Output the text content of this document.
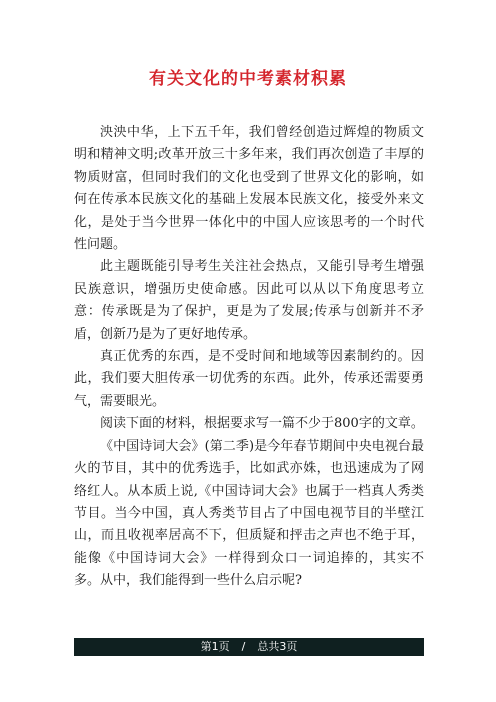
有关文化的中考素材积累

泱泱中华，上下五千年，我们曾经创造过辉煌的物质文明和精神文明;改革开放三十多年来，我们再次创造了丰厚的物质财富，但同时我们的文化也受到了世界文化的影响，如何在传承本民族文化的基础上发展本民族文化，接受外来文化，是处于当今世界一体化中的中国人应该思考的一个时代性问题。

此主题既能引导考生关注社会热点，又能引导考生增强民族意识，增强历史使命感。因此可以从以下角度思考立意：传承既是为了保护，更是为了发展;传承与创新并不矛盾，创新乃是为了更好地传承。

真正优秀的东西，是不受时间和地域等因素制约的。因此，我们要大胆传承一切优秀的东西。此外，传承还需要勇气，需要眼光。

阅读下面的材料，根据要求写一篇不少于800字的文章。

《中国诗词大会》(第二季)是今年春节期间中央电视台最火的节目，其中的优秀选手，比如武亦姝，也迅速成为了网络红人。从本质上说,《中国诗词大会》也属于一档真人秀类节目。当今中国，真人秀类节目占了中国电视节目的半壁江山，而且收视率居高不下，但质疑和抨击之声也不绝于耳，能像《中国诗词大会》一样得到众口一词追捧的，其实不多。从中，我们能得到一些什么启示呢?

第1页 / 总共3页
